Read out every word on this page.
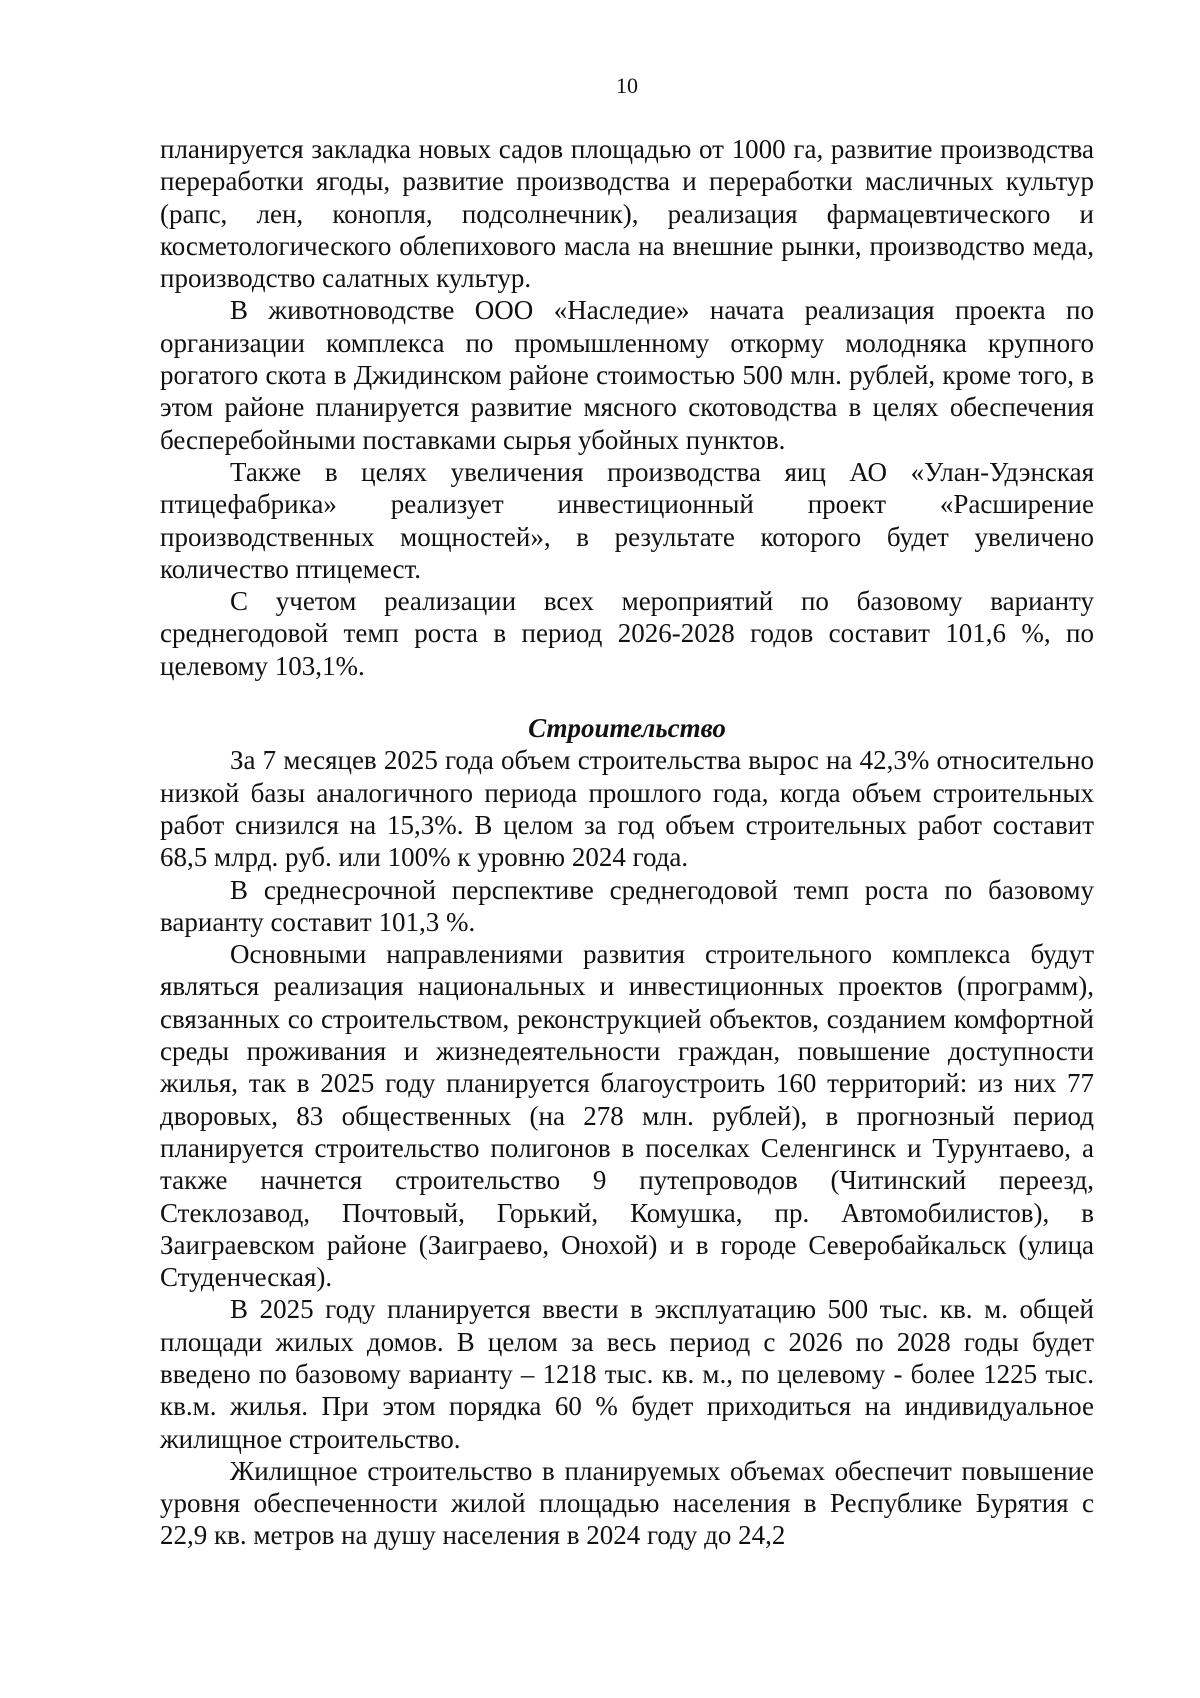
10

планируется закладка новых садов площадью от 1000 га, развитие производства переработки ягоды, развитие производства и переработки масличных культур (рапс, лен, конопля, подсолнечник), реализация фармацевтического и косметологического облепихового масла на внешние рынки, производство меда, производство салатных культур.

В животноводстве ООО «Наследие» начата реализация проекта по организации комплекса по промышленному откорму молодняка крупного рогатого скота в Джидинском районе стоимостью 500 млн. рублей, кроме того, в этом районе планируется развитие мясного скотоводства в целях обеспечения бесперебойными поставками сырья убойных пунктов.

Также в целях увеличения производства яиц АО «Улан-Удэнская птицефабрика» реализует инвестиционный проект «Расширение производственных мощностей», в результате которого будет увеличено количество птицемест.

С учетом реализации всех мероприятий по базовому варианту среднегодовой темп роста в период 2026-2028 годов составит 101,6 %, по целевому 103,1%.

Строительство

За 7 месяцев 2025 года объем строительства вырос на 42,3% относительно низкой базы аналогичного периода прошлого года, когда объем строительных работ снизился на 15,3%. В целом за год объем строительных работ составит 68,5 млрд. руб. или 100% к уровню 2024 года.

В среднесрочной перспективе среднегодовой темп роста по базовому варианту составит 101,3 %.

Основными направлениями развития строительного комплекса будут являться реализация национальных и инвестиционных проектов (программ), связанных со строительством, реконструкцией объектов, созданием комфортной среды проживания и жизнедеятельности граждан, повышение доступности жилья, так в 2025 году планируется благоустроить 160 территорий: из них 77 дворовых, 83 общественных (на 278 млн. рублей), в прогнозный период планируется строительство полигонов в поселках Селенгинск и Турунтаево, а также начнется строительство 9 путепроводов (Читинский переезд, Стеклозавод, Почтовый, Горький, Комушка, пр. Автомобилистов), в Заиграевском районе (Заиграево, Онохой) и в городе Северобайкальск (улица Студенческая).

В 2025 году планируется ввести в эксплуатацию 500 тыс. кв. м. общей площади жилых домов. В целом за весь период с 2026 по 2028 годы будет введено по базовому варианту – 1218 тыс. кв. м., по целевому - более 1225 тыс. кв.м. жилья. При этом порядка 60 % будет приходиться на индивидуальное жилищное строительство.

Жилищное строительство в планируемых объемах обеспечит повышение уровня обеспеченности жилой площадью населения в Республике Бурятия с 22,9 кв. метров на душу населения в 2024 году до 24,2
